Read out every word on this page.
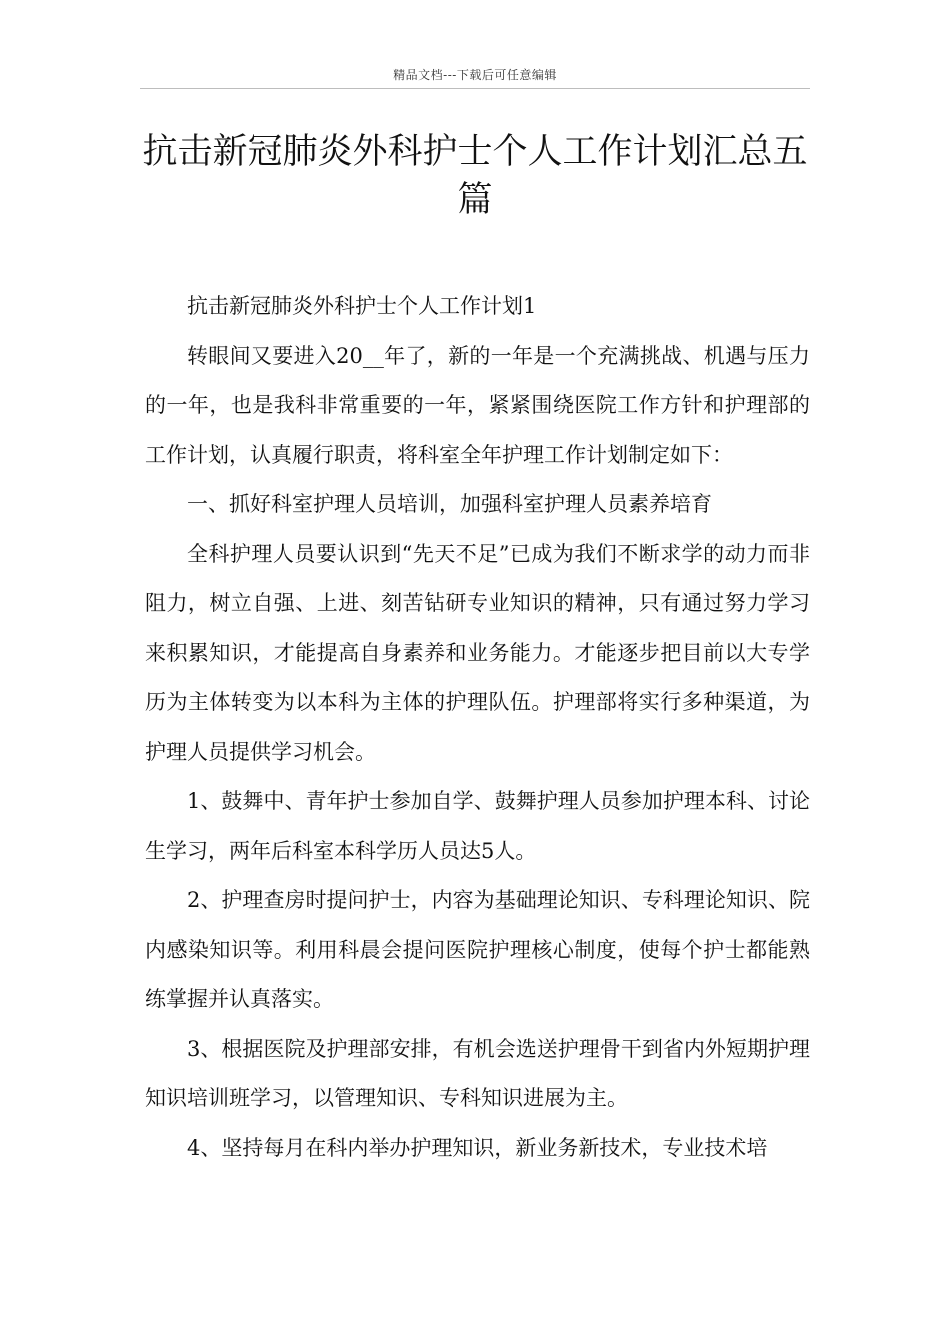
精品文档---下载后可任意编辑
抗击新冠肺炎外科护士个人工作计划汇总五篇

抗击新冠肺炎外科护士个人工作计划1

转眼间又要进入20__年了，新的一年是一个充满挑战、机遇与压力的一年，也是我科非常重要的一年，紧紧围绕医院工作方针和护理部的工作计划，认真履行职责，将科室全年护理工作计划制定如下：

一、抓好科室护理人员培训，加强科室护理人员素养培育

全科护理人员要认识到“先天不足”已成为我们不断求学的动力而非阻力，树立自强、上进、刻苦钻研专业知识的精神，只有通过努力学习来积累知识，才能提高自身素养和业务能力。才能逐步把目前以大专学历为主体转变为以本科为主体的护理队伍。护理部将实行多种渠道，为护理人员提供学习机会。

1、鼓舞中、青年护士参加自学、鼓舞护理人员参加护理本科、讨论生学习，两年后科室本科学历人员达5人。

2、护理查房时提问护士，内容为基础理论知识、专科理论知识、院内感染知识等。利用科晨会提问医院护理核心制度，使每个护士都能熟练掌握并认真落实。

3、根据医院及护理部安排，有机会选送护理骨干到省内外短期护理知识培训班学习，以管理知识、专科知识进展为主。

4、坚持每月在科内举办护理知识，新业务新技术，专业技术培
